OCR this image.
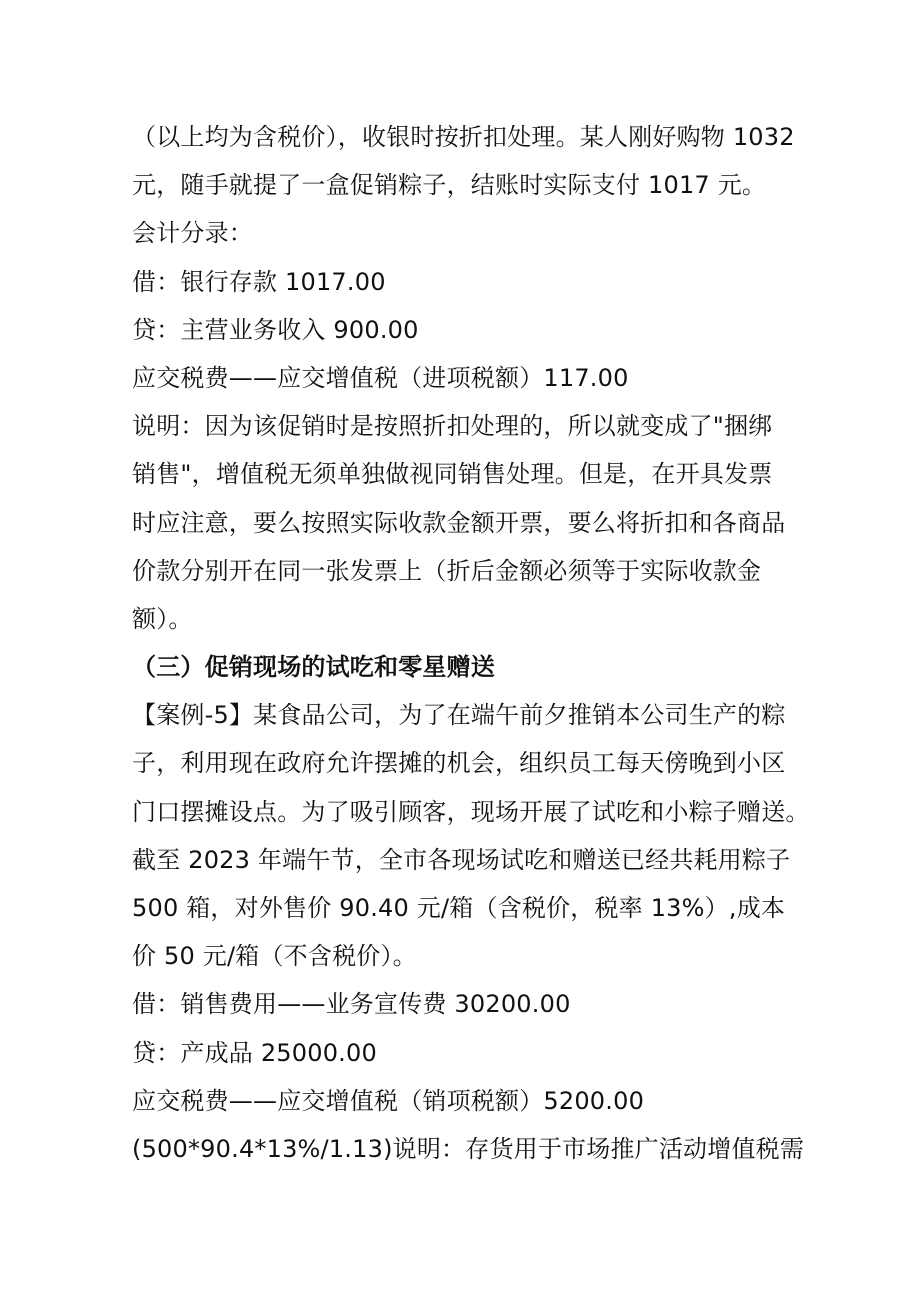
（以上均为含税价），收银时按折扣处理。某人刚好购物 1032
元，随手就提了一盒促销粽子，结账时实际支付 1017 元。
会计分录：
借：银行存款 1017.00
贷：主营业务收入 900.00
应交税费——应交增值税（进项税额）117.00
说明：因为该促销时是按照折扣处理的，所以就变成了"捆绑
销售"，增值税无须单独做视同销售处理。但是，在开具发票
时应注意，要么按照实际收款金额开票，要么将折扣和各商品
价款分别开在同一张发票上（折后金额必须等于实际收款金
额）。
（三）促销现场的试吃和零星赠送
【案例-5】某食品公司，为了在端午前夕推销本公司生产的粽
子，利用现在政府允许摆摊的机会，组织员工每天傍晚到小区
门口摆摊设点。为了吸引顾客，现场开展了试吃和小粽子赠送。
截至 2023 年端午节，全市各现场试吃和赠送已经共耗用粽子
500 箱，对外售价 90.40 元/箱（含税价，税率 13%）,成本
价 50 元/箱（不含税价）。
借：销售费用——业务宣传费 30200.00
贷：产成品 25000.00
应交税费——应交增值税（销项税额）5200.00
(500*90.4*13%/1.13)说明：存货用于市场推广活动增值税需
